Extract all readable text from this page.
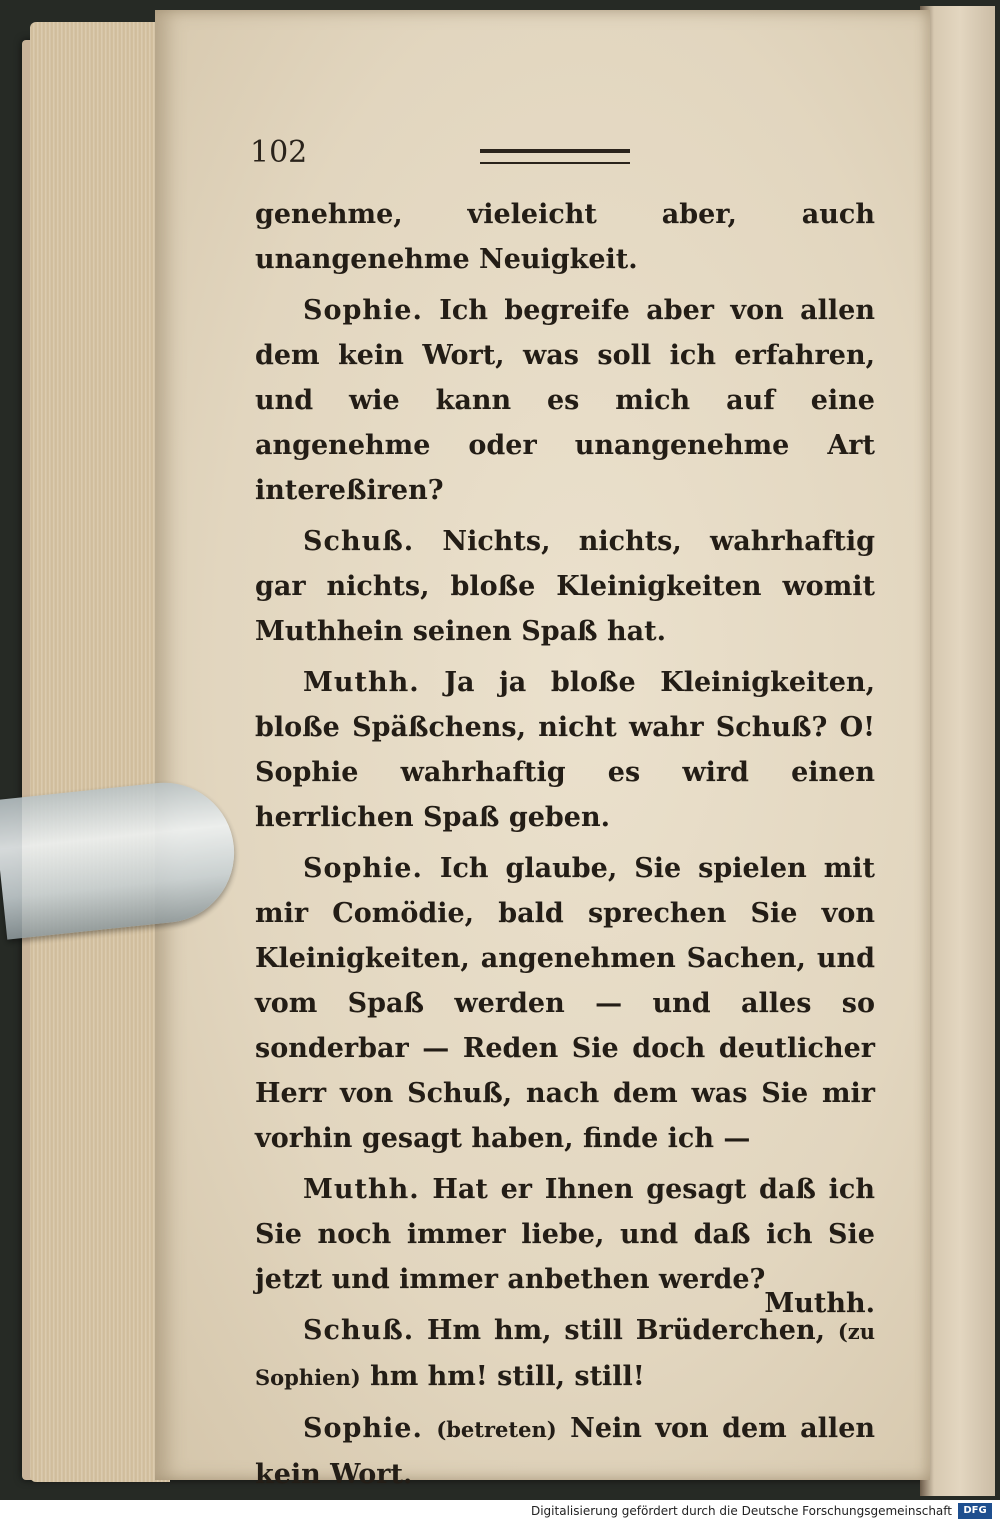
102

genehme, vieleicht aber, auch unangenehme Neuigkeit.

Sophie. Ich begreife aber von allen dem kein Wort, was soll ich erfahren, und wie kann es mich auf eine angenehme oder unangenehme Art intereßiren?

Schuß. Nichts, nichts, wahrhaftig gar nichts, bloße Kleinigkeiten womit Muthhein seinen Spaß hat.

Muthh. Ja ja bloße Kleinigkeiten, bloße Späßchens, nicht wahr Schuß? O! Sophie wahrhaftig es wird einen herrlichen Spaß geben.

Sophie. Ich glaube, Sie spielen mit mir Comödie, bald sprechen Sie von Kleinigkeiten, angenehmen Sachen, und vom Spaß werden — und alles so sonderbar — Reden Sie doch deutlicher Herr von Schuß, nach dem was Sie mir vorhin gesagt haben, finde ich —

Muthh. Hat er Ihnen gesagt daß ich Sie noch immer liebe, und daß ich Sie jetzt und immer anbethen werde?

Schuß. Hm hm, still Brüderchen, (zu Sophien) hm hm! still, still!

Sophie. (betreten) Nein von dem allen kein Wort.

Muthh.
Digitalisierung gefördert durch die Deutsche Forschungsgemeinschaft	DFG
